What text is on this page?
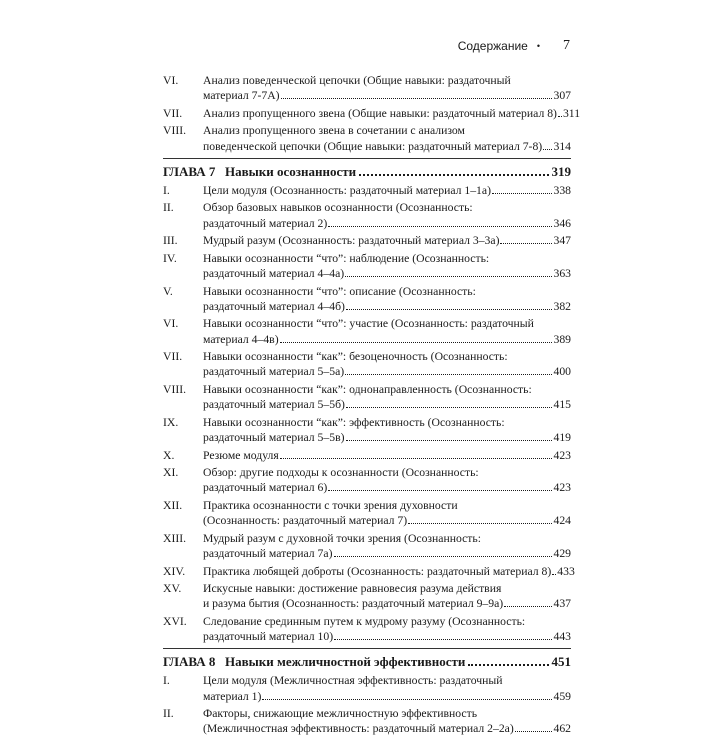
Содержание • 7
VI.	Анализ поведенческой цепочки (Общие навыки: раздаточный
материал 7-7А)	307
VII.	Анализ пропущенного звена (Общие навыки: раздаточный материал 8) 311
VIII.	Анализ пропущенного звена в сочетании с анализом
поведенческой цепочки (Общие навыки: раздаточный материал 7-8) 314
ГЛАВА 7 Навыки осознанности	319
I.	Цели модуля (Осознанность: раздаточный материал 1–1а)	338
II.	Обзор базовых навыков осознанности (Осознанность:
раздаточный материал 2)	346
III.	Мудрый разум (Осознанность: раздаточный материал 3–3а)	347
IV.	Навыки осознанности “что”: наблюдение (Осознанность:
раздаточный материал 4–4а)	363
V.	Навыки осознанности “что”: описание (Осознанность:
раздаточный материал 4–4б)	382
VI.	Навыки осознанности “что”: участие (Осознанность: раздаточный
материал 4–4в)	389
VII.	Навыки осознанности “как”: безоценочность (Осознанность:
раздаточный материал 5–5а)	400
VIII.	Навыки осознанности “как”: однонаправленность (Осознанность:
раздаточный материал 5–5б)	415
IX.	Навыки осознанности “как”: эффективность (Осознанность:
раздаточный материал 5–5в)	419
X.	Резюме модуля	423
XI.	Обзор: другие подходы к осознанности (Осознанность:
раздаточный материал 6)	423
XII.	Практика осознанности с точки зрения духовности
(Осознанность: раздаточный материал 7)	424
XIII.	Мудрый разум с духовной точки зрения (Осознанность:
раздаточный материал 7а)	429
XIV.	Практика любящей доброты (Осознанность: раздаточный материал 8) 433
XV.	Искусные навыки: достижение равновесия разума действия
и разума бытия (Осознанность: раздаточный материал 9–9а)	437
XVI.	Следование срединным путем к мудрому разуму (Осознанность:
раздаточный материал 10)	443
ГЛАВА 8 Навыки межличностной эффективности	451
I.	Цели модуля (Межличностная эффективность: раздаточный
материал 1)	459
II.	Факторы, снижающие межличностную эффективность
(Межличностная эффективность: раздаточный материал 2–2а)	462
